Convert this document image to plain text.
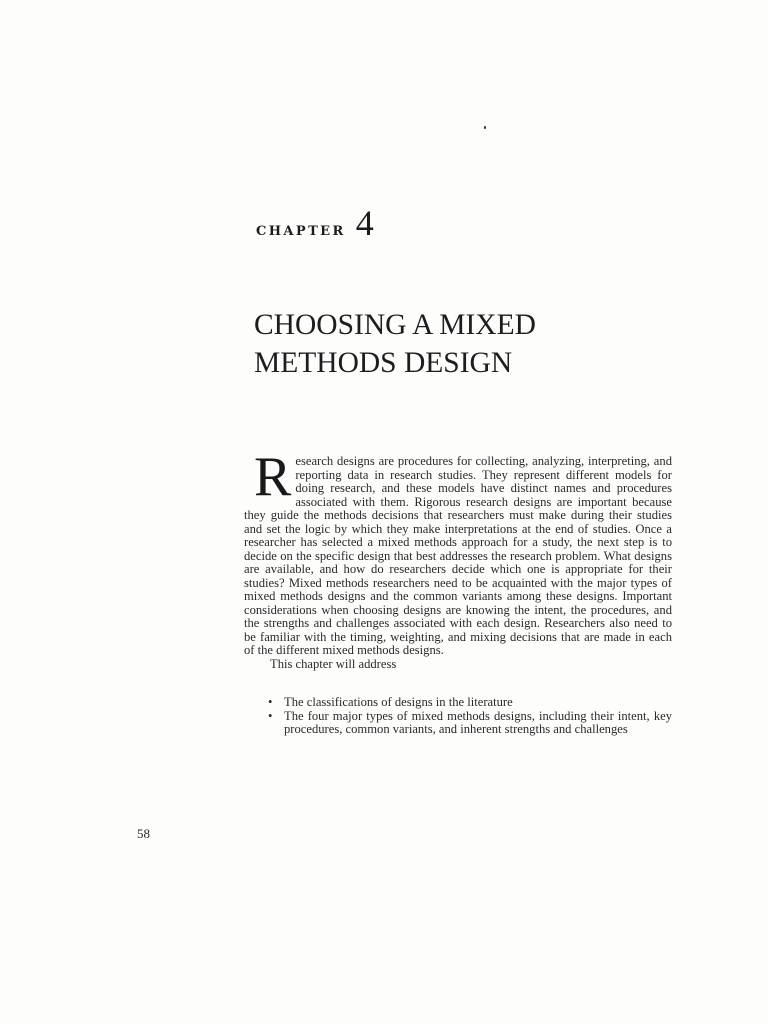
CHAPTER 4
CHOOSING A MIXED
METHODS DESIGN

R esearch designs are procedures for collecting, analyzing, interpreting, and reporting data in research studies. They represent different models for doing research, and these models have distinct names and procedures associated with them. Rigorous research designs are important because they guide the methods decisions that researchers must make during their studies and set the logic by which they make interpretations at the end of studies. Once a researcher has selected a mixed methods approach for a study, the next step is to decide on the specific design that best addresses the research problem. What designs are available, and how do researchers decide which one is appropriate for their studies? Mixed methods researchers need to be acquainted with the major types of mixed methods designs and the common variants among these designs. Important considerations when choosing designs are knowing the intent, the procedures, and the strengths and challenges associated with each design. Researchers also need to be familiar with the timing, weighting, and mixing decisions that are made in each of the different mixed methods designs.

This chapter will address

• The classifications of designs in the literature
• The four major types of mixed methods designs, including their intent, key procedures, common variants, and inherent strengths and challenges
58
